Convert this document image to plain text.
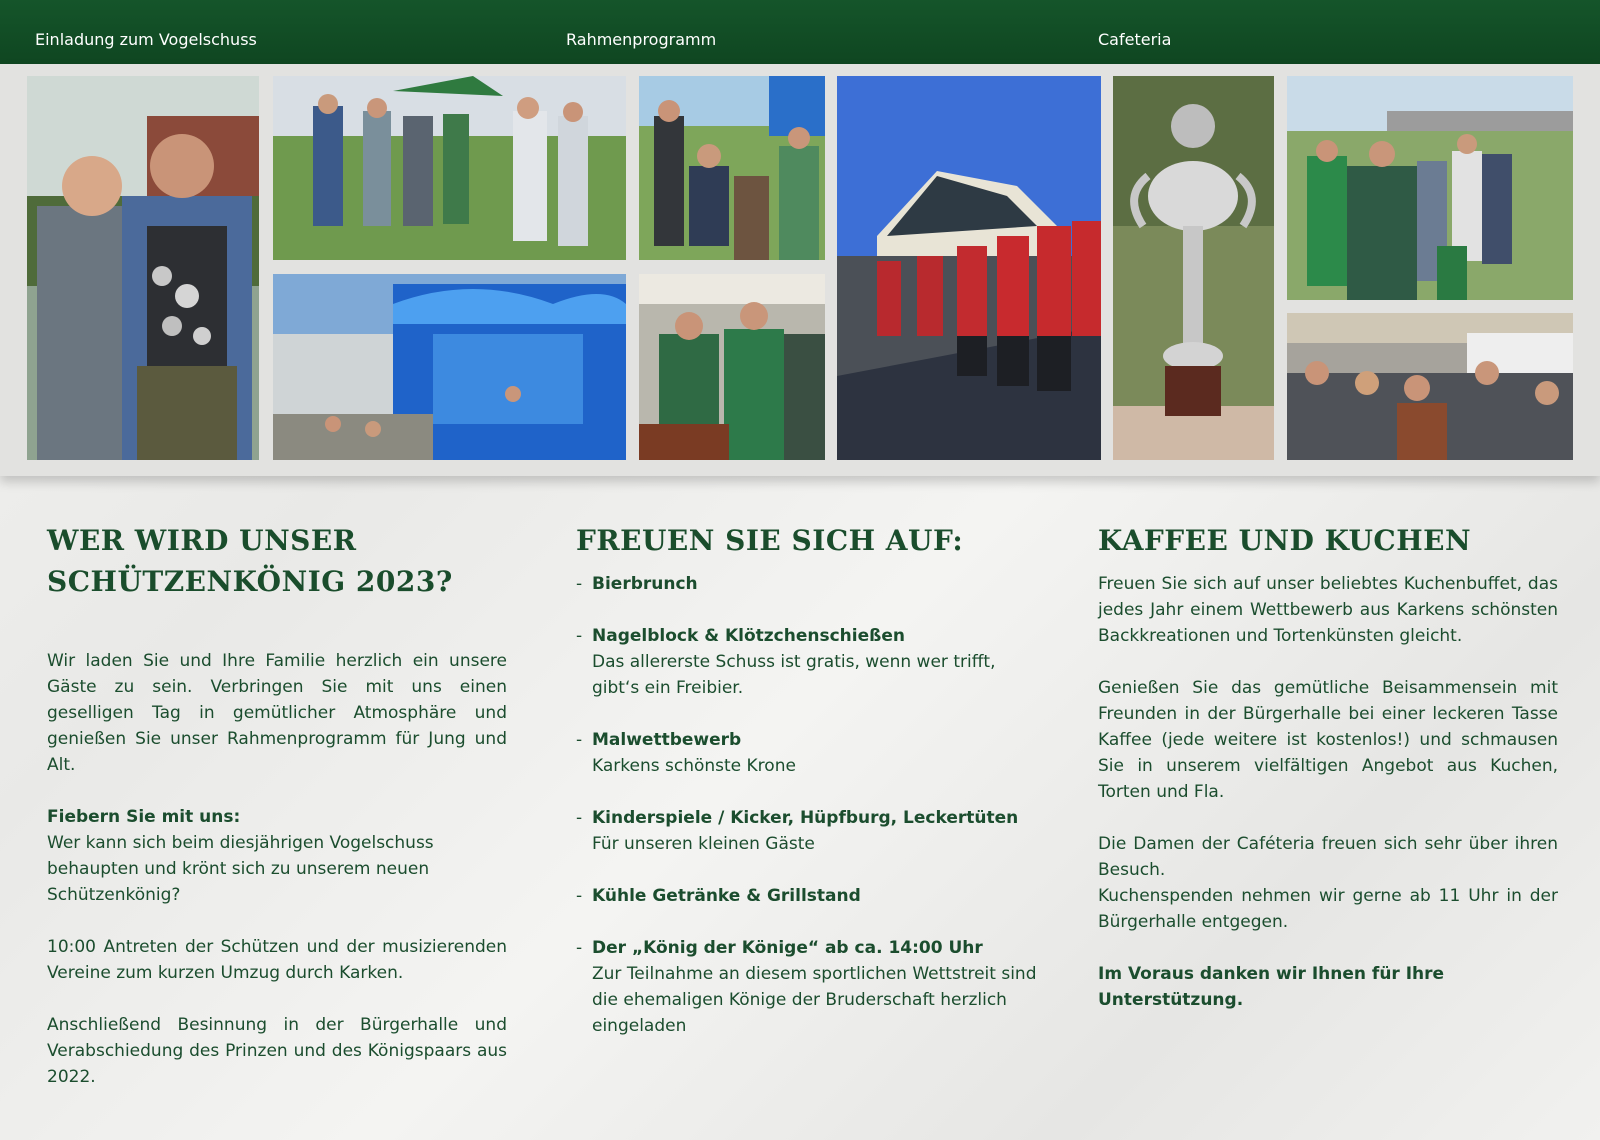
Einladung zum Vogelschuss	Rahmenprogramm	Cafeteria
WER WIRD UNSER
SCHÜTZENKÖNIG 2023?

Wir laden Sie und Ihre Familie herzlich ein unsere Gäste zu sein. Verbringen Sie mit uns einen geselligen Tag in gemütlicher Atmosphäre und genießen Sie unser Rahmenprogramm für Jung und Alt.

Fiebern Sie mit uns:
Wer kann sich beim diesjährigen Vogelschuss behaupten und krönt sich zu unserem neuen Schützenkönig?

10:00 Antreten der Schützen und der musizierenden Vereine zum kurzen Umzug durch Karken.

Anschließend Besinnung in der Bürgerhalle und Verabschiedung des Prinzen und des Königspaars aus 2022.

FREUEN SIE SICH AUF:
- Bierbrunch
- Nagelblock & Klötzchenschießen
Das allererste Schuss ist gratis, wenn wer trifft, gibt‘s ein Freibier.
- Malwettbewerb
Karkens schönste Krone
- Kinderspiele / Kicker, Hüpfburg, Leckertüten
Für unseren kleinen Gäste
- Kühle Getränke & Grillstand
- Der „König der Könige“ ab ca. 14:00 Uhr
Zur Teilnahme an diesem sportlichen Wettstreit sind die ehemaligen Könige der Bruderschaft herzlich eingeladen
KAFFEE UND KUCHEN

Freuen Sie sich auf unser beliebtes Kuchenbuffet, das jedes Jahr einem Wettbewerb aus Karkens schönsten Backkreationen und Tortenkünsten gleicht.

Genießen Sie das gemütliche Beisammensein mit Freunden in der Bürgerhalle bei einer leckeren Tasse Kaffee (jede weitere ist kostenlos!) und schmausen Sie in unserem vielfältigen Angebot aus Kuchen, Torten und Fla.

Die Damen der Caféteria freuen sich sehr über ihren Besuch.
Kuchenspenden nehmen wir gerne ab 11 Uhr in der Bürgerhalle entgegen.

Im Voraus danken wir Ihnen für Ihre Unterstützung.
